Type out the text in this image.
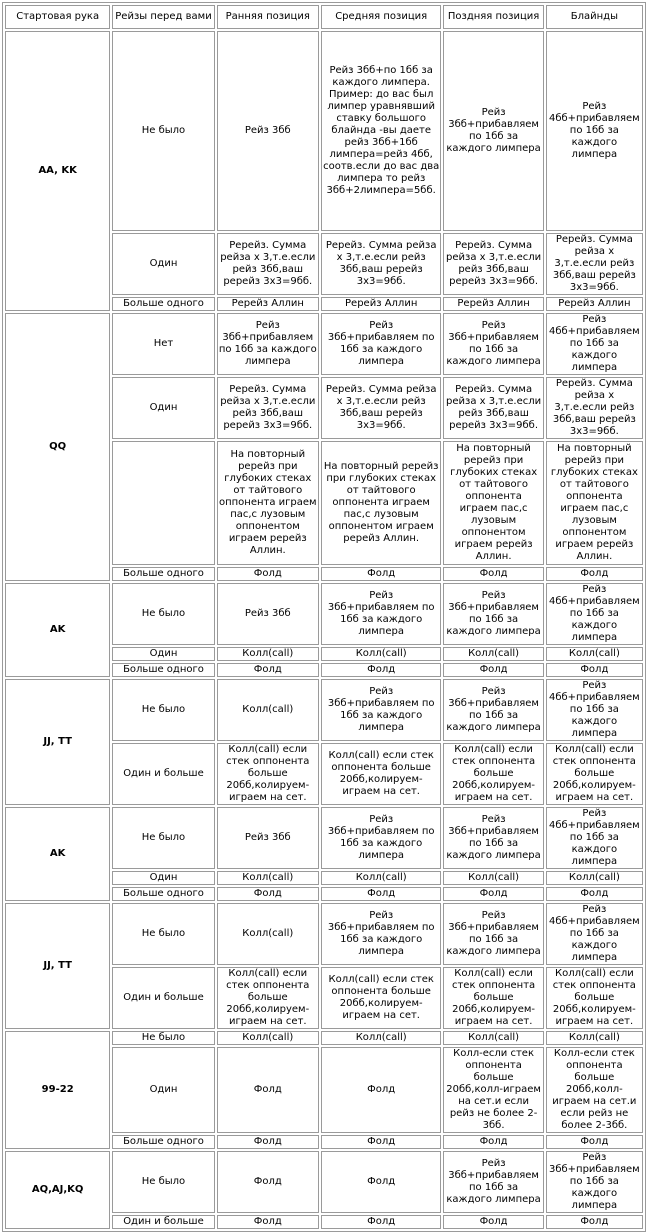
Стартовая рука	Рейзы перед вами	Ранняя позиция	Средняя позиция	Поздняя позиция	Блайнды
AA, KK	Не было	Рейз 3бб	Рейз 3бб+по 1бб за каждого лимпера. Пример: до вас был лимпер уравнявший ставку большого блайнда -вы даете рейз 3бб+1бб лимпера=рейз 4бб, соотв.если до вас два лимпера то рейз 3бб+2лимпера=5бб.	Рейз 3бб+прибавляем по 1бб за каждого лимпера	Рейз 4бб+прибавляем по 1бб за каждого лимпера
	Один	Ререйз. Сумма рейза х 3,т.е.если рейз 3бб,ваш ререйз 3х3=9бб.	Ререйз. Сумма рейза х 3,т.е.если рейз 3бб,ваш ререйз 3х3=9бб.	Ререйз. Сумма рейза х 3,т.е.если рейз 3бб,ваш ререйз 3х3=9бб.	Ререйз. Сумма рейза х 3,т.е.если рейз 3бб,ваш ререйз 3х3=9бб.
	Больше одного	Ререйз Аллин	Ререйз Аллин	Ререйз Аллин	Ререйз Аллин
QQ	Нет	Рейз 3бб+прибавляем по 1бб за каждого лимпера	Рейз 3бб+прибавляем по 1бб за каждого лимпера	Рейз 3бб+прибавляем по 1бб за каждого лимпера	Рейз 4бб+прибавляем по 1бб за каждого лимпера
	Один	Ререйз. Сумма рейза х 3,т.е.если рейз 3бб,ваш ререйз 3х3=9бб.	Ререйз. Сумма рейза х 3,т.е.если рейз 3бб,ваш ререйз 3х3=9бб.	Ререйз. Сумма рейза х 3,т.е.если рейз 3бб,ваш ререйз 3х3=9бб.	Ререйз. Сумма рейза х 3,т.е.если рейз 3бб,ваш ререйз 3х3=9бб.
		На повторный ререйз при глубоких стеках от тайтового оппонента играем пас,с лузовым оппонентом играем ререйз Аллин.	На повторный ререйз при глубоких стеках от тайтового оппонента играем пас,с лузовым оппонентом играем ререйз Аллин.	На повторный ререйз при глубоких стеках от тайтового оппонента играем пас,с лузовым оппонентом играем ререйз Аллин.	На повторный ререйз при глубоких стеках от тайтового оппонента играем пас,с лузовым оппонентом играем ререйз Аллин.
	Больше одного	Фолд	Фолд	Фолд	Фолд
AK	Не было	Рейз 3бб	Рейз 3бб+прибавляем по 1бб за каждого лимпера	Рейз 3бб+прибавляем по 1бб за каждого лимпера	Рейз 4бб+прибавляем по 1бб за каждого лимпера
	Один	Колл(call)	Колл(call)	Колл(call)	Колл(call)
	Больше одного	Фолд	Фолд	Фолд	Фолд
JJ, TT	Не было	Колл(call)	Рейз 3бб+прибавляем по 1бб за каждого лимпера	Рейз 3бб+прибавляем по 1бб за каждого лимпера	Рейз 4бб+прибавляем по 1бб за каждого лимпера
	Один и больше	Колл(call) если стек оппонента больше 20бб,колируем-играем на сет.	Колл(call) если стек оппонента больше 20бб,колируем-играем на сет.	Колл(call) если стек оппонента больше 20бб,колируем-играем на сет.	Колл(call) если стек оппонента больше 20бб,колируем-играем на сет.
AK	Не было	Рейз 3бб	Рейз 3бб+прибавляем по 1бб за каждого лимпера	Рейз 3бб+прибавляем по 1бб за каждого лимпера	Рейз 4бб+прибавляем по 1бб за каждого лимпера
	Один	Колл(call)	Колл(call)	Колл(call)	Колл(call)
	Больше одного	Фолд	Фолд	Фолд	Фолд
JJ, TT	Не было	Колл(call)	Рейз 3бб+прибавляем по 1бб за каждого лимпера	Рейз 3бб+прибавляем по 1бб за каждого лимпера	Рейз 4бб+прибавляем по 1бб за каждого лимпера
	Один и больше	Колл(call) если стек оппонента больше 20бб,колируем-играем на сет.	Колл(call) если стек оппонента больше 20бб,колируем-играем на сет.	Колл(call) если стек оппонента больше 20бб,колируем-играем на сет.	Колл(call) если стек оппонента больше 20бб,колируем-играем на сет.
99-22	Не было	Колл(call)	Колл(call)	Колл(call)	Колл(call)
	Один	Фолд	Фолд	Колл-если стек оппонента больше 20бб,колл-играем на сет.и если рейз не более 2-3бб.	Колл-если стек оппонента больше 20бб,колл-играем на сет.и если рейз не более 2-3бб.
	Больше одного	Фолд	Фолд	Фолд	Фолд
AQ,AJ,KQ	Не было	Фолд	Фолд	Рейз 3бб+прибавляем по 1бб за каждого лимпера	Рейз 3бб+прибавляем по 1бб за каждого лимпера
	Один и больше	Фолд	Фолд	Фолд	Фолд
